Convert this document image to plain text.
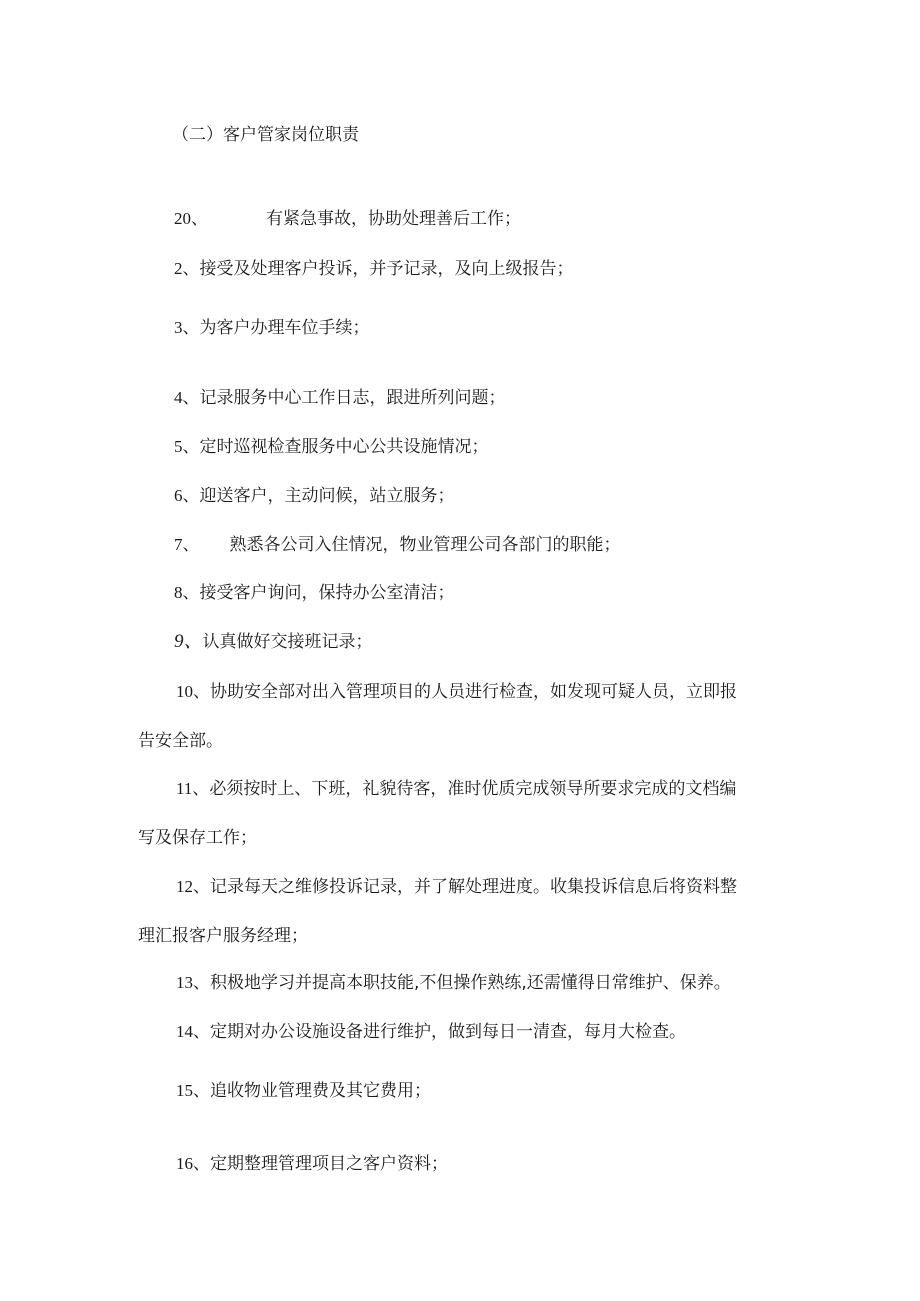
（二）客户管家岗位职责
20、	有紧急事故，协助处理善后工作；
2、接受及处理客户投诉，并予记录，及向上级报告；
3、为客户办理车位手续；
4、记录服务中心工作日志，跟进所列问题；
5、定时巡视检查服务中心公共设施情况；
6、迎送客户，主动问候，站立服务；
7、 熟悉各公司入住情况，物业管理公司各部门的职能；
8、接受客户询问，保持办公室清洁；
9、认真做好交接班记录；
10、协助安全部对出入管理项目的人员进行检查，如发现可疑人员，立即报
告安全部。
11、必须按时上、下班，礼貌待客，准时优质完成领导所要求完成的文档编
写及保存工作；
12、记录每天之维修投诉记录，并了解处理进度。收集投诉信息后将资料整
理汇报客户服务经理；
13、积极地学习并提高本职技能,不但操作熟练,还需懂得日常维护、保养。
14、定期对办公设施设备进行维护，做到每日一清查，每月大检查。
15、追收物业管理费及其它费用；
16、定期整理管理项目之客户资料；
